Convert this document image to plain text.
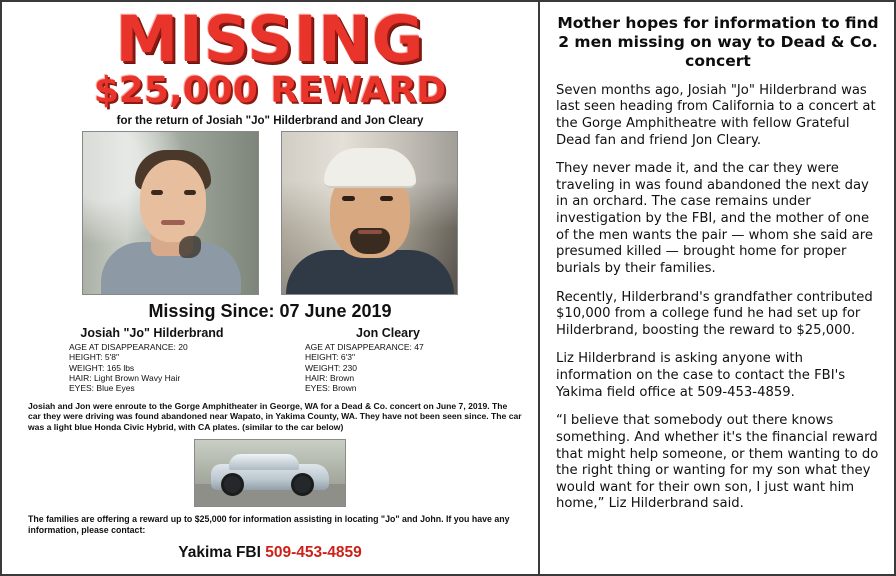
MISSING
$25,000 REWARD
for the return of Josiah "Jo" Hilderbrand and Jon Cleary
Missing Since: 07 June 2019
Josiah "Jo" Hilderbrand
AGE AT DISAPPEARANCE: 20
HEIGHT: 5'8"
WEIGHT: 165 lbs
HAIR: Light Brown Wavy Hair
EYES: Blue Eyes
Jon Cleary
AGE AT DISAPPEARANCE: 47
HEIGHT: 6'3"
WEIGHT: 230
HAIR: Brown
EYES: Brown
Josiah and Jon were enroute to the Gorge Amphitheater in George, WA for a Dead & Co. concert on June 7, 2019. The car they were driving was found abandoned near Wapato, in Yakima County, WA. They have not been seen since. The car was a light blue Honda Civic Hybrid, with CA plates. (similar to the car below)
The families are offering a reward up to $25,000 for information assisting in locating "Jo" and John. If you have any information, please contact:
Yakima FBI 509-453-4859
Mother hopes for information to find 2 men missing on way to Dead & Co. concert

Seven months ago, Josiah "Jo" Hilderbrand was last seen heading from California to a concert at the Gorge Amphitheatre with fellow Grateful Dead fan and friend Jon Cleary.

They never made it, and the car they were traveling in was found abandoned the next day in an orchard. The case remains under investigation by the FBI, and the mother of one of the men wants the pair — whom she said are presumed killed — brought home for proper burials by their families.

Recently, Hilderbrand's grandfather contributed $10,000 from a college fund he had set up for Hilderbrand, boosting the reward to $25,000.

Liz Hilderbrand is asking anyone with information on the case to contact the FBI's Yakima field office at 509-453-4859.

“I believe that somebody out there knows something. And whether it's the financial reward that might help someone, or them wanting to do the right thing or wanting for my son what they would want for their own son, I just want him home,” Liz Hilderbrand said.
